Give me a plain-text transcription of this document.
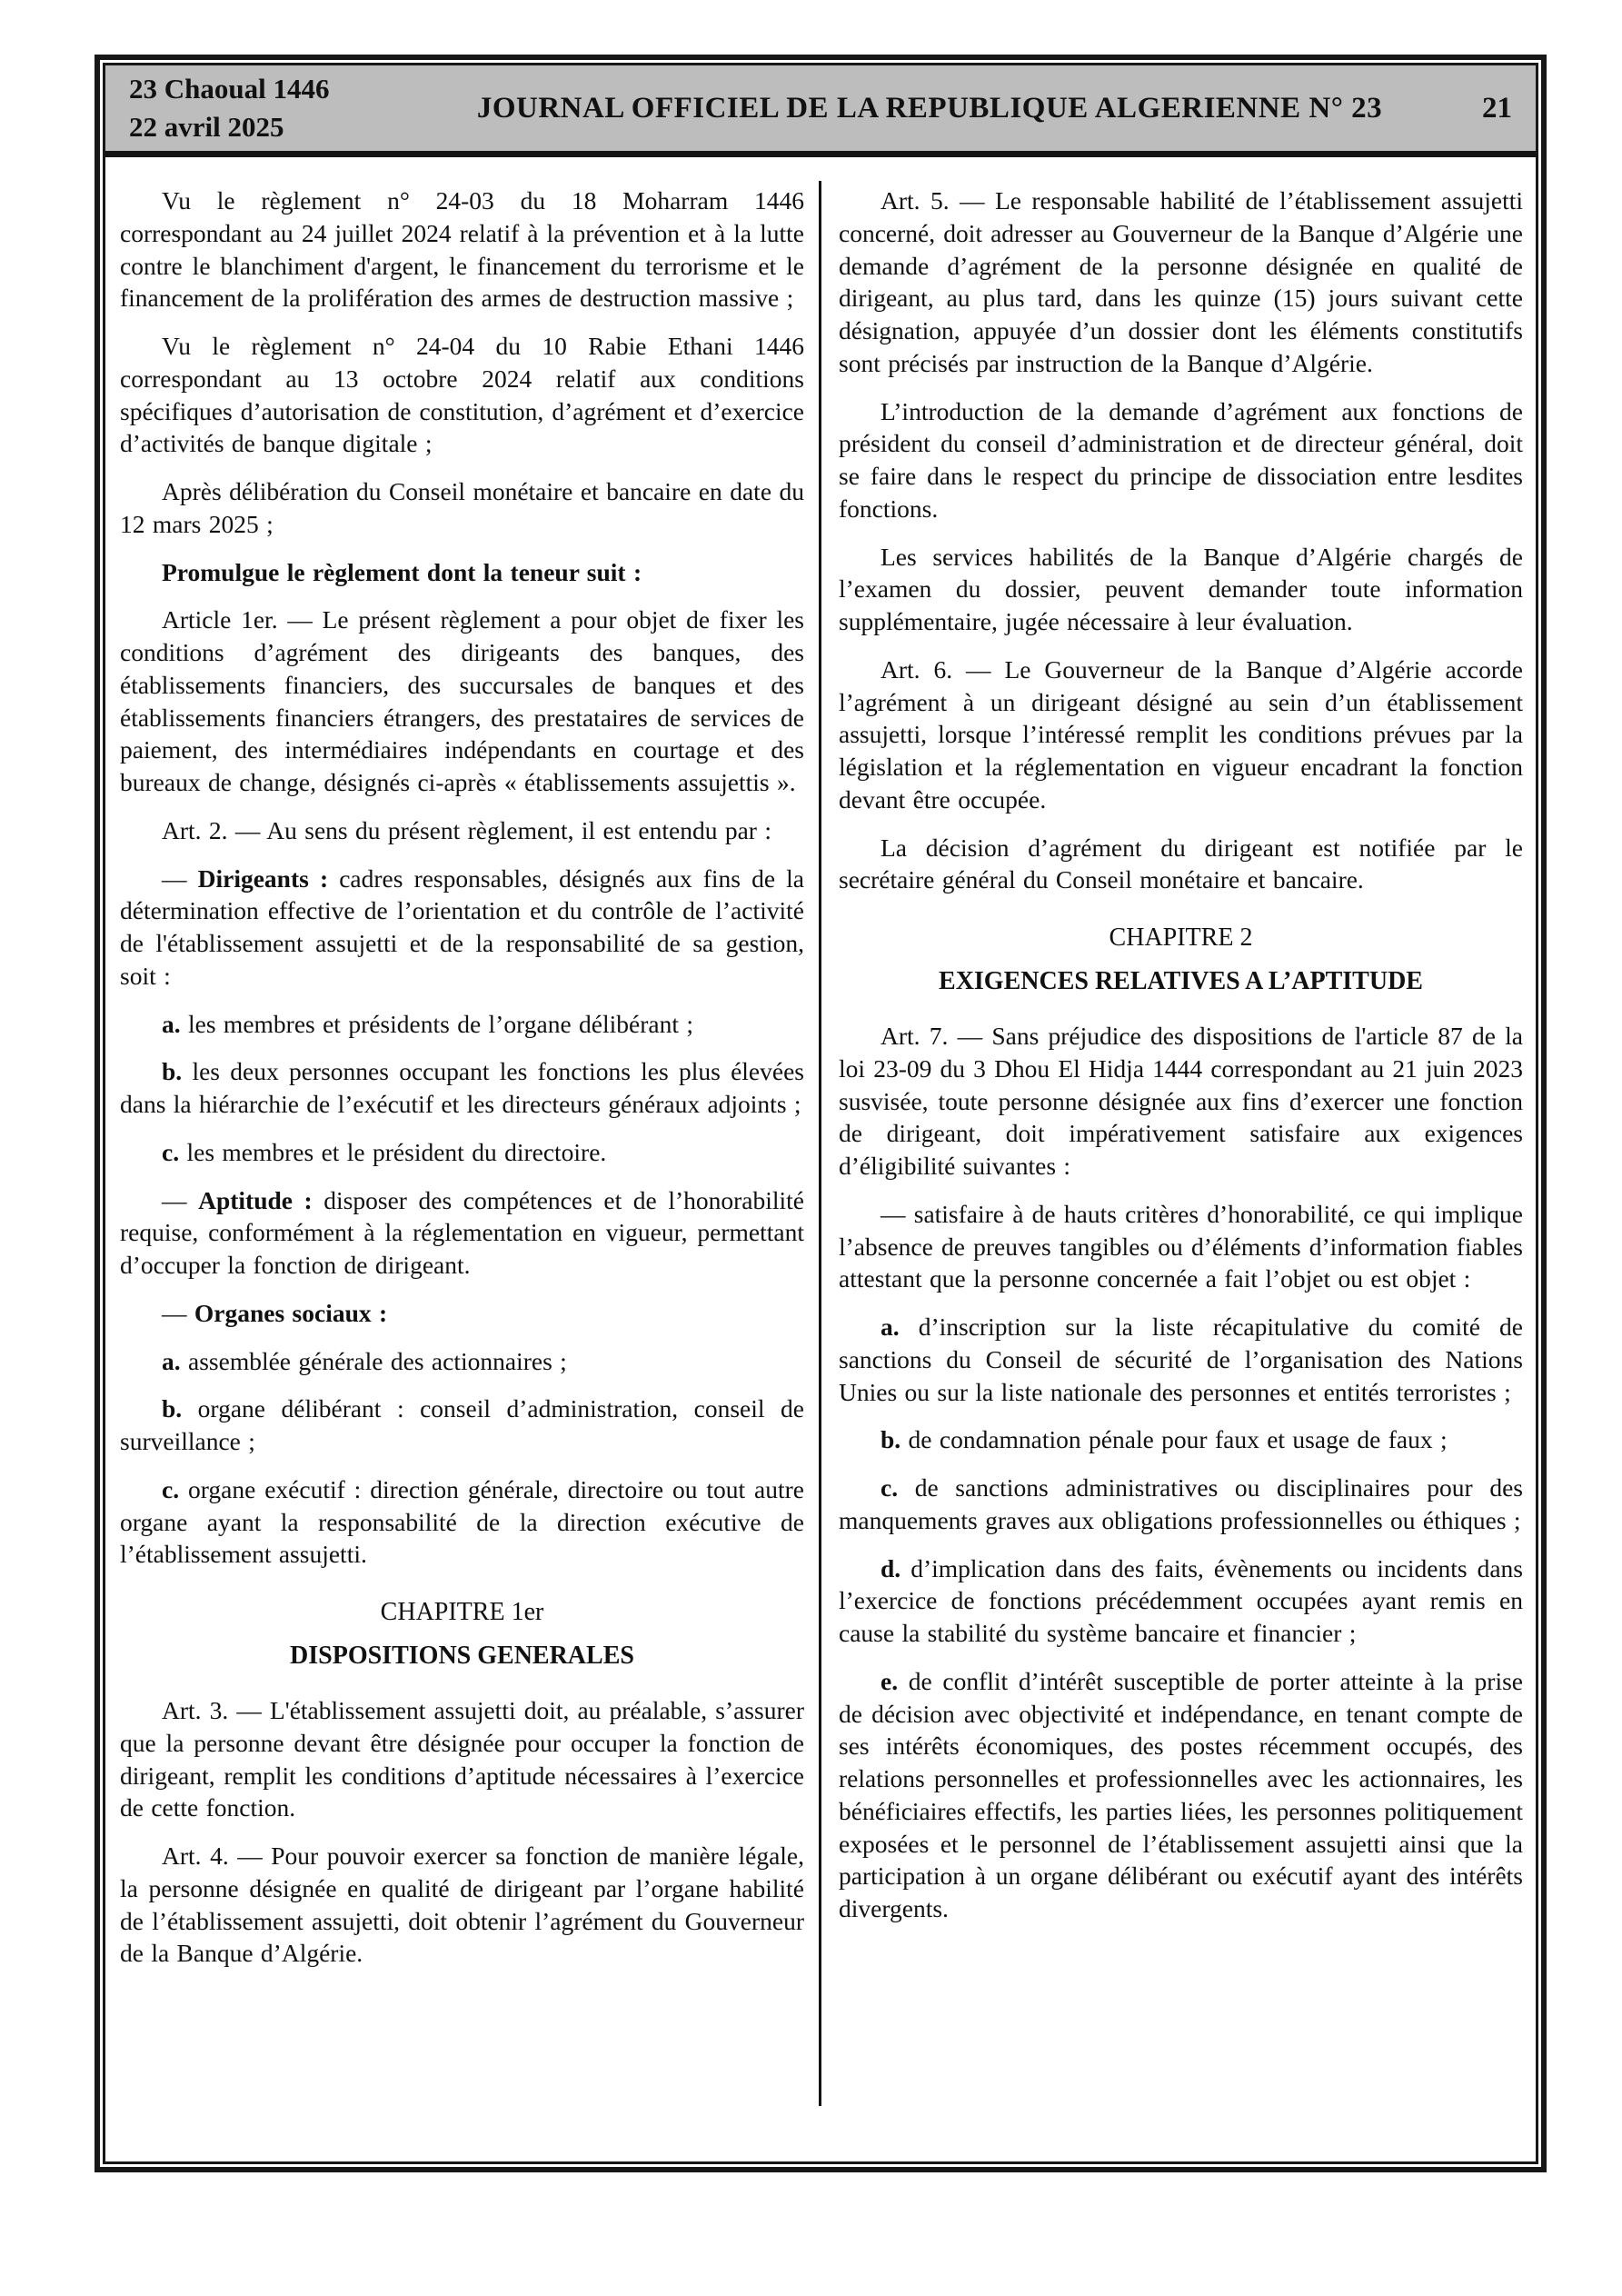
23 Chaoual 1446
22 avril 2025
JOURNAL OFFICIEL DE LA REPUBLIQUE ALGERIENNE N° 23	21

Vu le règlement n° 24-03 du 18 Moharram 1446 correspondant au 24 juillet 2024 relatif à la prévention et à la lutte contre le blanchiment d'argent, le financement du terrorisme et le financement de la prolifération des armes de destruction massive ;

Vu le règlement n° 24-04 du 10 Rabie Ethani 1446 correspondant au 13 octobre 2024 relatif aux conditions spécifiques d’autorisation de constitution, d’agrément et d’exercice d’activités de banque digitale ;

Après délibération du Conseil monétaire et bancaire en date du 12 mars 2025 ;

Promulgue le règlement dont la teneur suit :

Article 1er. — Le présent règlement a pour objet de fixer les conditions d’agrément des dirigeants des banques, des établissements financiers, des succursales de banques et des établissements financiers étrangers, des prestataires de services de paiement, des intermédiaires indépendants en courtage et des bureaux de change, désignés ci-après « établissements assujettis ».

Art. 2. — Au sens du présent règlement, il est entendu par :

— Dirigeants : cadres responsables, désignés aux fins de la détermination effective de l’orientation et du contrôle de l’activité de l'établissement assujetti et de la responsabilité de sa gestion, soit :

a. les membres et présidents de l’organe délibérant ;

b. les deux personnes occupant les fonctions les plus élevées dans la hiérarchie de l’exécutif et les directeurs généraux adjoints ;

c. les membres et le président du directoire.

— Aptitude : disposer des compétences et de l’honorabilité requise, conformément à la réglementation en vigueur, permettant d’occuper la fonction de dirigeant.

— Organes sociaux :

a. assemblée générale des actionnaires ;

b. organe délibérant : conseil d’administration, conseil de surveillance ;

c. organe exécutif : direction générale, directoire ou tout autre organe ayant la responsabilité de la direction exécutive de l’établissement assujetti.

CHAPITRE 1er
DISPOSITIONS GENERALES

Art. 3. — L'établissement assujetti doit, au préalable, s’assurer que la personne devant être désignée pour occuper la fonction de dirigeant, remplit les conditions d’aptitude nécessaires à l’exercice de cette fonction.

Art. 4. — Pour pouvoir exercer sa fonction de manière légale, la personne désignée en qualité de dirigeant par l’organe habilité de l’établissement assujetti, doit obtenir l’agrément du Gouverneur de la Banque d’Algérie.

Art. 5. — Le responsable habilité de l’établissement assujetti concerné, doit adresser au Gouverneur de la Banque d’Algérie une demande d’agrément de la personne désignée en qualité de dirigeant, au plus tard, dans les quinze (15) jours suivant cette désignation, appuyée d’un dossier dont les éléments constitutifs sont précisés par instruction de la Banque d’Algérie.

L’introduction de la demande d’agrément aux fonctions de président du conseil d’administration et de directeur général, doit se faire dans le respect du principe de dissociation entre lesdites fonctions.

Les services habilités de la Banque d’Algérie chargés de l’examen du dossier, peuvent demander toute information supplémentaire, jugée nécessaire à leur évaluation.

Art. 6. — Le Gouverneur de la Banque d’Algérie accorde l’agrément à un dirigeant désigné au sein d’un établissement assujetti, lorsque l’intéressé remplit les conditions prévues par la législation et la réglementation en vigueur encadrant la fonction devant être occupée.

La décision d’agrément du dirigeant est notifiée par le secrétaire général du Conseil monétaire et bancaire.

CHAPITRE 2
EXIGENCES RELATIVES A L’APTITUDE

Art. 7. — Sans préjudice des dispositions de l'article 87 de la loi 23-09 du 3 Dhou El Hidja 1444 correspondant au 21 juin 2023 susvisée, toute personne désignée aux fins d’exercer une fonction de dirigeant, doit impérativement satisfaire aux exigences d’éligibilité suivantes :

— satisfaire à de hauts critères d’honorabilité, ce qui implique l’absence de preuves tangibles ou d’éléments d’information fiables attestant que la personne concernée a fait l’objet ou est objet :

a. d’inscription sur la liste récapitulative du comité de sanctions du Conseil de sécurité de l’organisation des Nations Unies ou sur la liste nationale des personnes et entités terroristes ;

b. de condamnation pénale pour faux et usage de faux ;

c. de sanctions administratives ou disciplinaires pour des manquements graves aux obligations professionnelles ou éthiques ;

d. d’implication dans des faits, évènements ou incidents dans l’exercice de fonctions précédemment occupées ayant remis en cause la stabilité du système bancaire et financier ;

e. de conflit d’intérêt susceptible de porter atteinte à la prise de décision avec objectivité et indépendance, en tenant compte de ses intérêts économiques, des postes récemment occupés, des relations personnelles et professionnelles avec les actionnaires, les bénéficiaires effectifs, les parties liées, les personnes politiquement exposées et le personnel de l’établissement assujetti ainsi que la participation à un organe délibérant ou exécutif ayant des intérêts divergents.
